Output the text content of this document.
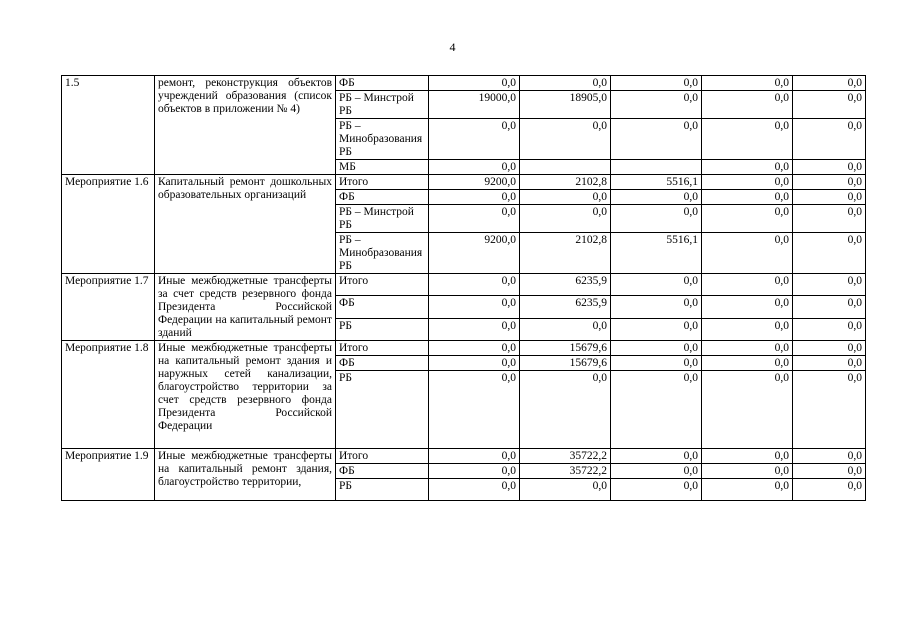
4
1.5	ремонт, реконструкция объектов учреждений образования (список объектов в приложении № 4)	ФБ	0,0	0,0	0,0	0,0	0,0
		РБ – Минстрой РБ	19000,0	18905,0	0,0	0,0	0,0
		РБ – Минобразования РБ	0,0	0,0	0,0	0,0	0,0
		МБ	0,0			0,0	0,0
Мероприятие 1.6	Капитальный ремонт дошкольных образовательных организаций	Итого	9200,0	2102,8	5516,1	0,0	0,0
		ФБ	0,0	0,0	0,0	0,0	0,0
		РБ – Минстрой РБ	0,0	0,0	0,0	0,0	0,0
		РБ – Минобразования РБ	9200,0	2102,8	5516,1	0,0	0,0
Мероприятие 1.7	Иные межбюджетные трансферты за счет средств резервного фонда Президента Российской Федерации на капитальный ремонт зданий	Итого	0,0	6235,9	0,0	0,0	0,0
		ФБ	0,0	6235,9	0,0	0,0	0,0
		РБ	0,0	0,0	0,0	0,0	0,0
Мероприятие 1.8	Иные межбюджетные трансферты на капитальный ремонт здания и наружных сетей канализации, благоустройство территории за счет средств резервного фонда Президента Российской Федерации	Итого	0,0	15679,6	0,0	0,0	0,0
		ФБ	0,0	15679,6	0,0	0,0	0,0
		РБ	0,0	0,0	0,0	0,0	0,0
Мероприятие 1.9	Иные межбюджетные трансферты на капитальный ремонт здания, благоустройство территории,	Итого	0,0	35722,2	0,0	0,0	0,0
		ФБ	0,0	35722,2	0,0	0,0	0,0
		РБ	0,0	0,0	0,0	0,0	0,0
